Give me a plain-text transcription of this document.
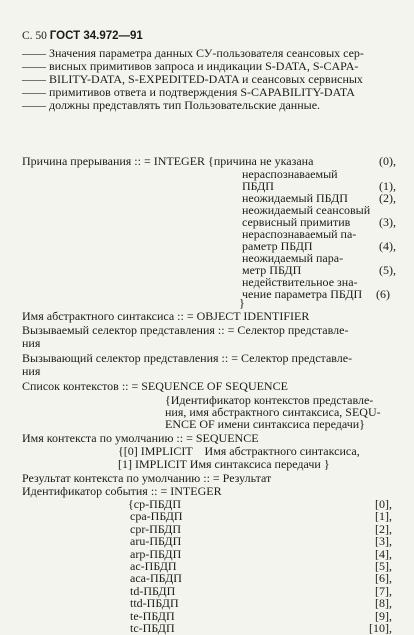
С. 50 ГОСТ 34.972—91
—— Значения параметра данных СУ-пользователя сеансовых сер-
—— висных примитивов запроса и индикации S-DATA, S-CAPA-
—— BILITY-DATA, S-EXPEDITED-DATA и сеансовых сервисных
—— примитивов ответа и подтверждения S-CAPABILITY-DATA
—— должны представлять тип Пользовательские данные.
Причина прерывания :: = INTEGER {причина не указана
нераспознаваемый
ПБДП
неожидаемый ПБДП
неожидаемый сеансовый
сервисный примитив
нераспознаваемый па-
раметр ПБДП
неожидаемый пара-
метр ПБДП
недействительное зна-
чение параметра ПБДП
}
(0),
(1),
(2),
(3),
(4),
(5),
(6)
Имя абстрактного синтаксиса :: = OBJECT IDENTIFIER
Вызываемый селектор представления :: = Селектор представле-
ния
Вызывающий селектор представления :: = Селектор представле-
ния
Список контекстов :: = SEQUENCE OF SEQUENCE
{Идентификатор контекстов представле-
ния, имя абстрактного синтаксиса, SEQU-
ENCE OF имени синтаксиса передачи}
Имя контекста по умолчанию :: = SEQUENCE
{[0] IMPLICIT    Имя абстрактного синтаксиса,
[1] IMPLICIT Имя синтаксиса передачи }
Результат контекста по умолчанию :: = Результат
Идентификатор события :: = INTEGER
{cp-ПБДП
cpa-ПБДП
cpr-ПБДП
aru-ПБДП
arp-ПБДП
ac-ПБДП
aca-ПБДП
td-ПБДП
ttd-ПБДП
te-ПБДП
tc-ПБДП
[0],
[1],
[2],
[3],
[4],
[5],
[6],
[7],
[8],
[9],
[10],
